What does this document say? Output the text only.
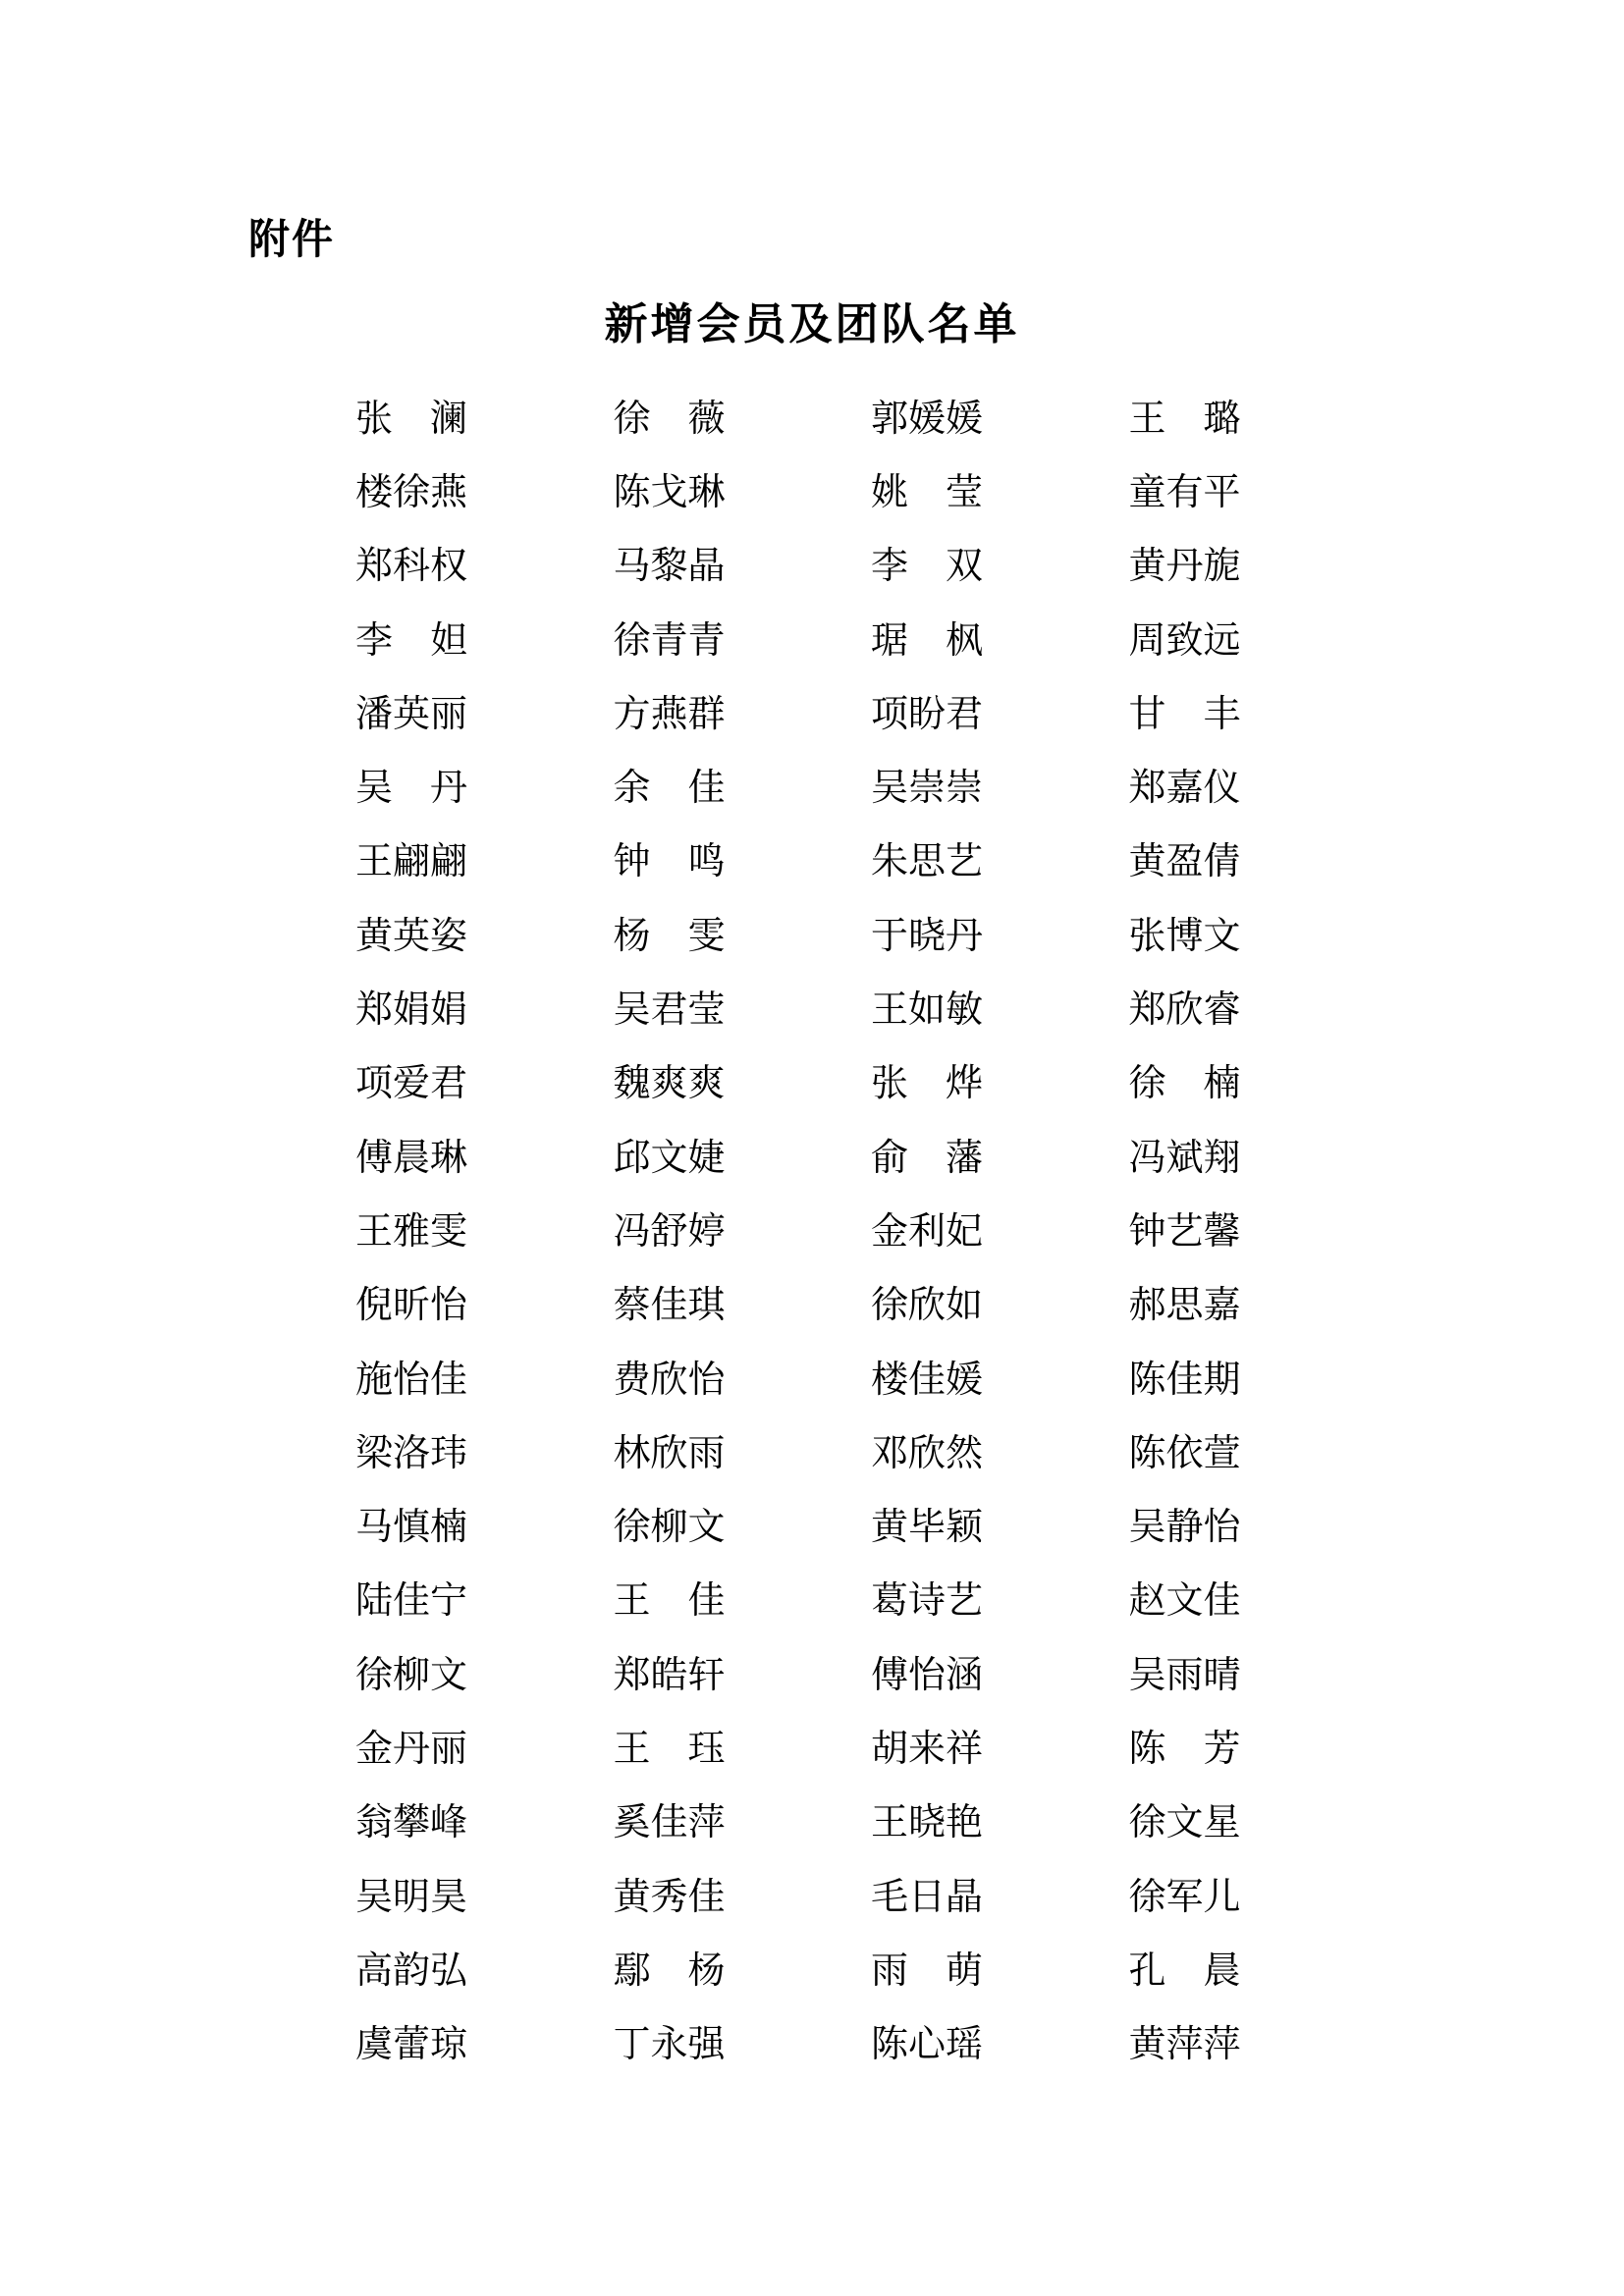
附件
新增会员及团队名单
张　澜	徐　薇	郭媛媛	王　璐
楼徐燕	陈戈琳	姚　莹	童有平
郑科权	马黎晶	李　双	黄丹旎
李　妲	徐青青	琚　枫	周致远
潘英丽	方燕群	项盼君	甘　丰
吴　丹	余　佳	吴崇崇	郑嘉仪
王翩翩	钟　鸣	朱思艺	黄盈倩
黄英姿	杨　雯	于晓丹	张博文
郑娟娟	吴君莹	王如敏	郑欣睿
项爱君	魏爽爽	张　烨	徐　楠
傅晨琳	邱文婕	俞　藩	冯斌翔
王雅雯	冯舒婷	金利妃	钟艺馨
倪昕怡	蔡佳琪	徐欣如	郝思嘉
施怡佳	费欣怡	楼佳媛	陈佳期
梁洛玮	林欣雨	邓欣然	陈依萱
马慎楠	徐柳文	黄毕颖	吴静怡
陆佳宁	王　佳	葛诗艺	赵文佳
徐柳文	郑皓轩	傅怡涵	吴雨晴
金丹丽	王　珏	胡来祥	陈　芳
翁攀峰	奚佳萍	王晓艳	徐文星
吴明昊	黄秀佳	毛日晶	徐军儿
高韵弘	鄢　杨	雨　萌	孔　晨
虞蕾琼	丁永强	陈心瑶	黄萍萍
